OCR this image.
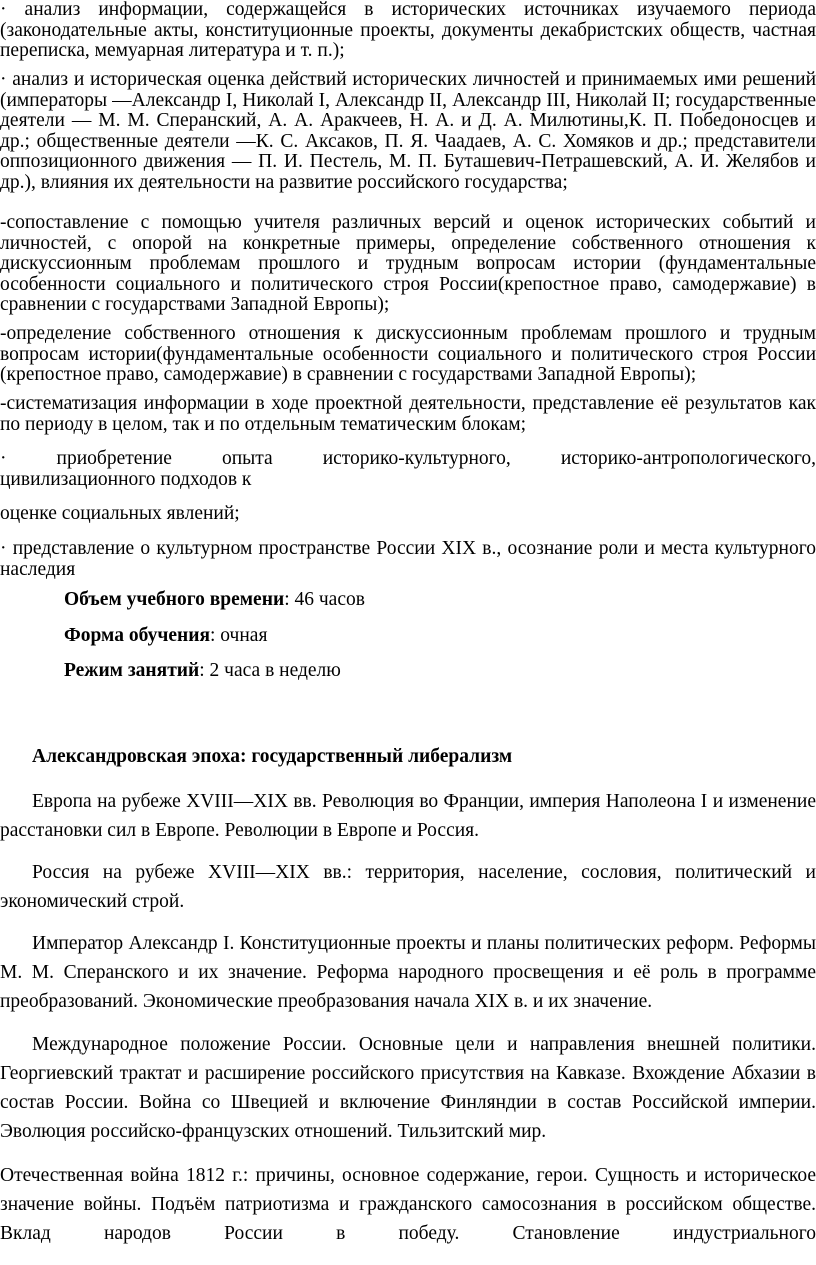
· анализ информации, содержащейся в исторических источниках изучаемого периода (законодательные акты, конституционные проекты, документы декабристских обществ, частная переписка, мемуарная литература и т. п.);

· анализ и историческая оценка действий исторических личностей и принимаемых ими решений (императоры —Александр I, Николай I, Александр II, Александр III, Николай II; государственные деятели — М. М. Сперанский, А. А. Аракчеев, Н. А. и Д. А. Милютины,К. П. Победоносцев и др.; общественные деятели —К. С. Аксаков, П. Я. Чаадаев, А. С. Хомяков и др.; представители оппозиционного движения — П. И. Пестель, М. П. Буташевич-Петрашевский, А. И. Желябов и др.), влияния их деятельности на развитие российского государства;

-сопоставление с помощью учителя различных версий и оценок исторических событий и личностей, с опорой на конкретные примеры, определение собственного отношения к дискуссионным проблемам прошлого и трудным вопросам истории (фундаментальные особенности социального и политического строя России(крепостное право, самодержавие) в сравнении с государствами Западной Европы);

-определение собственного отношения к дискуссионным проблемам прошлого и трудным вопросам истории(фундаментальные особенности социального и политического строя России (крепостное право, самодержавие) в сравнении с государствами Западной Европы);

-систематизация информации в ходе проектной деятельности, представление её результатов как по периоду в целом, так и по отдельным тематическим блокам;

·	приобретение	опыта	историко-культурного,	историко-антропологического,
цивилизационного подходов к

оценке социальных явлений;

· представление о культурном пространстве России XIX в., осознание роли и места культурного наследия

Объем учебного времени: 46 часов
Форма обучения: очная
Режим занятий: 2 часа в неделю
Александровская эпоха: государственный либерализм

Европа на рубеже XVIII—XIX вв. Революция во Франции, империя Наполеона I и изменение расстановки сил в Европе. Революции в Европе и Россия.

Россия на рубеже XVIII—XIX вв.: территория, население, сословия, политический и экономический строй.

Император Александр I. Конституционные проекты и планы политических реформ. Реформы М. М. Сперанского и их значение. Реформа народного просвещения и её роль в программе преобразований. Экономические преобразования начала XIX в. и их значение.

Международное положение России. Основные цели и направления внешней политики. Георгиевский трактат и расширение российского присутствия на Кавказе. Вхождение Абхазии в состав России. Война со Швецией и включение Финляндии в состав Российской империи. Эволюция российско-французских отношений. Тильзитский мир.

Отечественная война 1812 г.: причины, основное содержание, герои. Сущность и историческое значение войны. Подъём патриотизма и гражданского самосознания в российском обществе. Вклад народов России в победу. Становление индустриального
